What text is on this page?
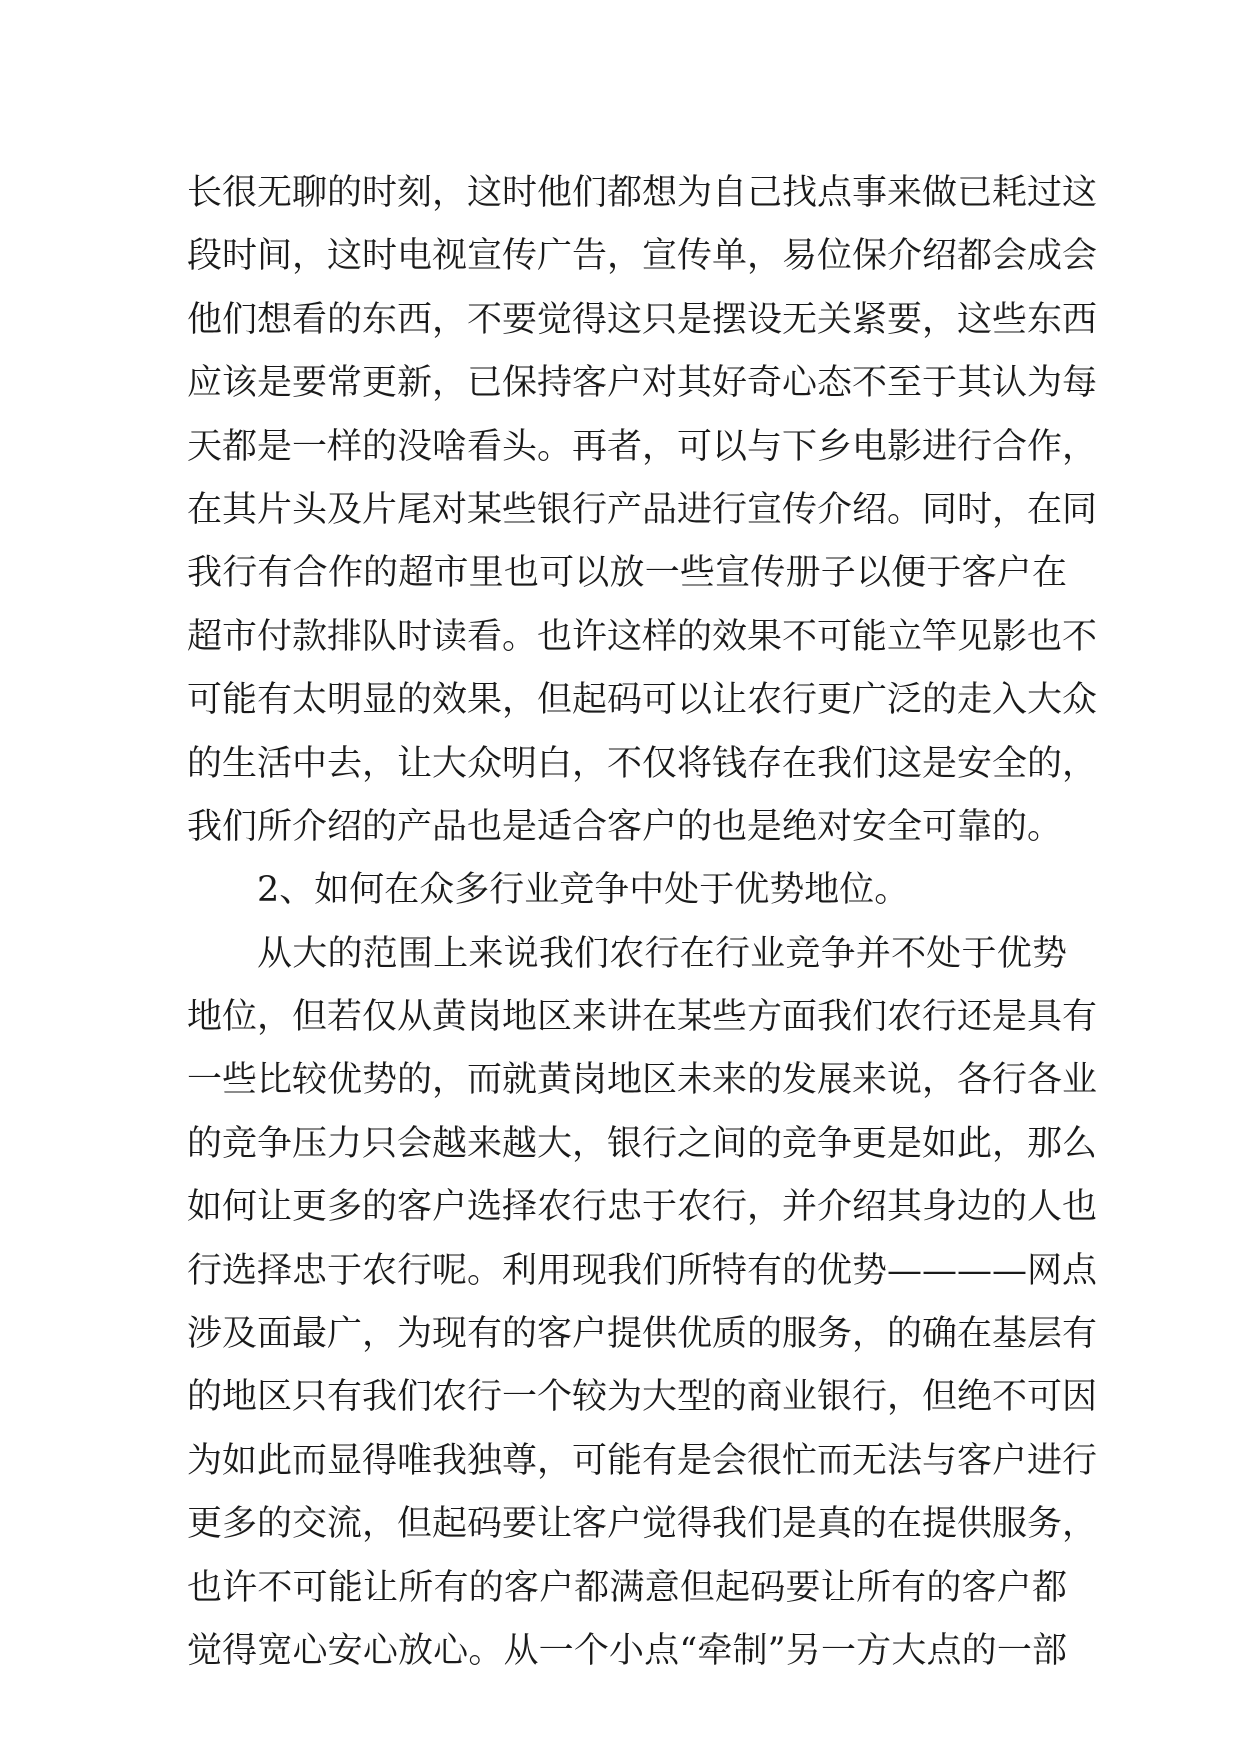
长很无聊的时刻，这时他们都想为自己找点事来做已耗过这
段时间，这时电视宣传广告，宣传单，易位保介绍都会成会
他们想看的东西，不要觉得这只是摆设无关紧要，这些东西
应该是要常更新，已保持客户对其好奇心态不至于其认为每
天都是一样的没啥看头。再者，可以与下乡电影进行合作，
在其片头及片尾对某些银行产品进行宣传介绍。同时，在同
我行有合作的超市里也可以放一些宣传册子以便于客户在
超市付款排队时读看。也许这样的效果不可能立竿见影也不
可能有太明显的效果，但起码可以让农行更广泛的走入大众
的生活中去，让大众明白，不仅将钱存在我们这是安全的，
我们所介绍的产品也是适合客户的也是绝对安全可靠的。
2、如何在众多行业竞争中处于优势地位。
从大的范围上来说我们农行在行业竞争并不处于优势
地位，但若仅从黄岗地区来讲在某些方面我们农行还是具有
一些比较优势的，而就黄岗地区未来的发展来说，各行各业
的竞争压力只会越来越大，银行之间的竞争更是如此，那么
如何让更多的客户选择农行忠于农行，并介绍其身边的人也
行选择忠于农行呢。利用现我们所特有的优势————网点
涉及面最广，为现有的客户提供优质的服务，的确在基层有
的地区只有我们农行一个较为大型的商业银行，但绝不可因
为如此而显得唯我独尊，可能有是会很忙而无法与客户进行
更多的交流，但起码要让客户觉得我们是真的在提供服务，
也许不可能让所有的客户都满意但起码要让所有的客户都
觉得宽心安心放心。从一个小点“牵制”另一方大点的一部
